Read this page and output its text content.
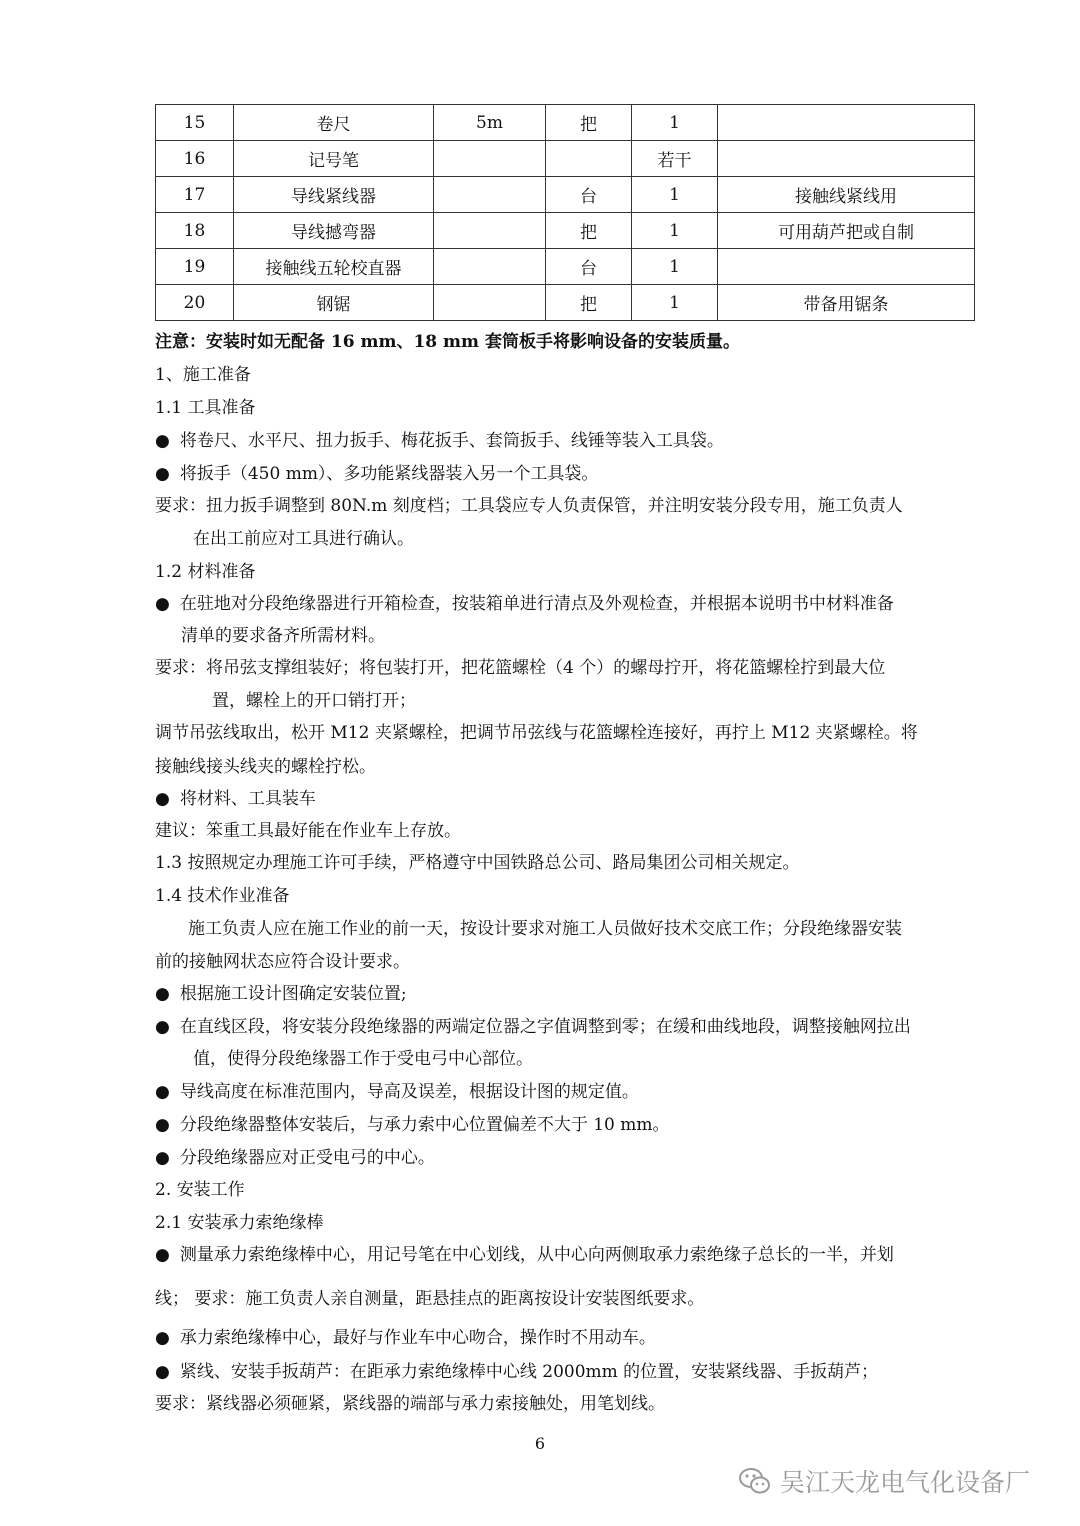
15	卷尺	5m	把	1	
16	记号笔			若干	
17	导线紧线器		台	1	接触线紧线用
18	导线撼弯器		把	1	可用葫芦把或自制
19	接触线五轮校直器		台	1	
20	钢锯		把	1	带备用锯条
注意：安装时如无配备 16 mm、18 mm 套筒板手将影响设备的安装质量。
1、施工准备
1.1 工具准备
● 将卷尺、水平尺、扭力扳手、梅花扳手、套筒扳手、线锤等装入工具袋。
● 将扳手（450 mm）、多功能紧线器装入另一个工具袋。
要求：扭力扳手调整到 80N.m 刻度档；工具袋应专人负责保管，并注明安装分段专用，施工负责人
在出工前应对工具进行确认。
1.2 材料准备
● 在驻地对分段绝缘器进行开箱检查，按装箱单进行清点及外观检查，并根据本说明书中材料准备
清单的要求备齐所需材料。
要求：将吊弦支撑组装好；将包装打开，把花篮螺栓（4 个）的螺母拧开，将花篮螺栓拧到最大位
置，螺栓上的开口销打开；
调节吊弦线取出，松开 M12 夹紧螺栓，把调节吊弦线与花篮螺栓连接好，再拧上 M12 夹紧螺栓。将
接触线接头线夹的螺栓拧松。
● 将材料、工具装车
建议：笨重工具最好能在作业车上存放。
1.3 按照规定办理施工许可手续，严格遵守中国铁路总公司、路局集团公司相关规定。
1.4 技术作业准备
施工负责人应在施工作业的前一天，按设计要求对施工人员做好技术交底工作；分段绝缘器安装
前的接触网状态应符合设计要求。
● 根据施工设计图确定安装位置;
● 在直线区段，将安装分段绝缘器的两端定位器之字值调整到零；在缓和曲线地段，调整接触网拉出
值，使得分段绝缘器工作于受电弓中心部位。
● 导线高度在标准范围内，导高及误差，根据设计图的规定值。
● 分段绝缘器整体安装后，与承力索中心位置偏差不大于 10 mm。
● 分段绝缘器应对正受电弓的中心。
2. 安装工作
2.1 安装承力索绝缘棒
● 测量承力索绝缘棒中心，用记号笔在中心划线，从中心向两侧取承力索绝缘子总长的一半，并划
线； 要求：施工负责人亲自测量，距悬挂点的距离按设计安装图纸要求。
● 承力索绝缘棒中心，最好与作业车中心吻合，操作时不用动车。
● 紧线、安装手扳葫芦：在距承力索绝缘棒中心线 2000mm 的位置，安装紧线器、手扳葫芦；
要求：紧线器必须砸紧，紧线器的端部与承力索接触处，用笔划线。
6
吴江天龙电气化设备厂
